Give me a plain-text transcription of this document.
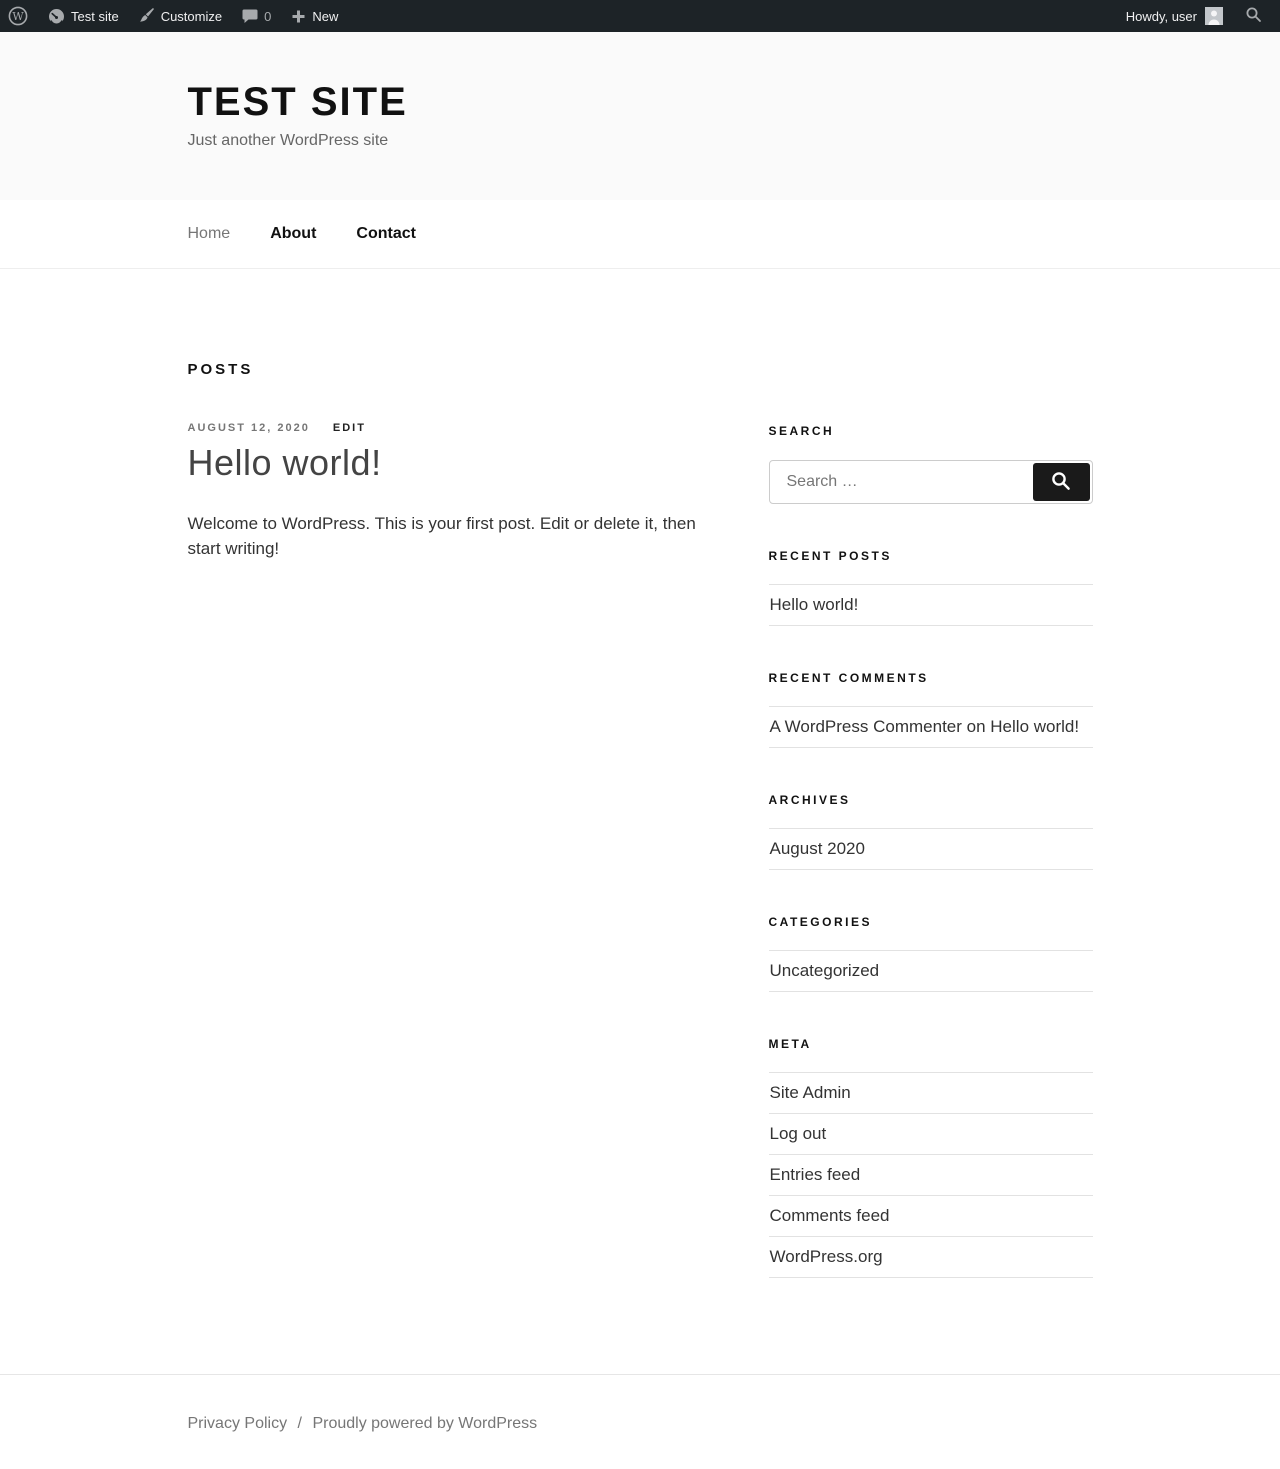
W	Test site	Customize	0	New	Howdy, user
TEST SITE
Just another WordPress site
Home	About	Contact
POSTS
AUGUST 12, 2020 EDIT
Hello world!

Welcome to WordPress. This is your first post. Edit or delete it, then start writing!

SEARCH
Search …
RECENT POSTS
Hello world!
RECENT COMMENTS
A WordPress Commenter on Hello world!
ARCHIVES
August 2020
CATEGORIES
Uncategorized
META
Site Admin
Log out
Entries feed
Comments feed
WordPress.org
Privacy Policy / Proudly powered by WordPress
